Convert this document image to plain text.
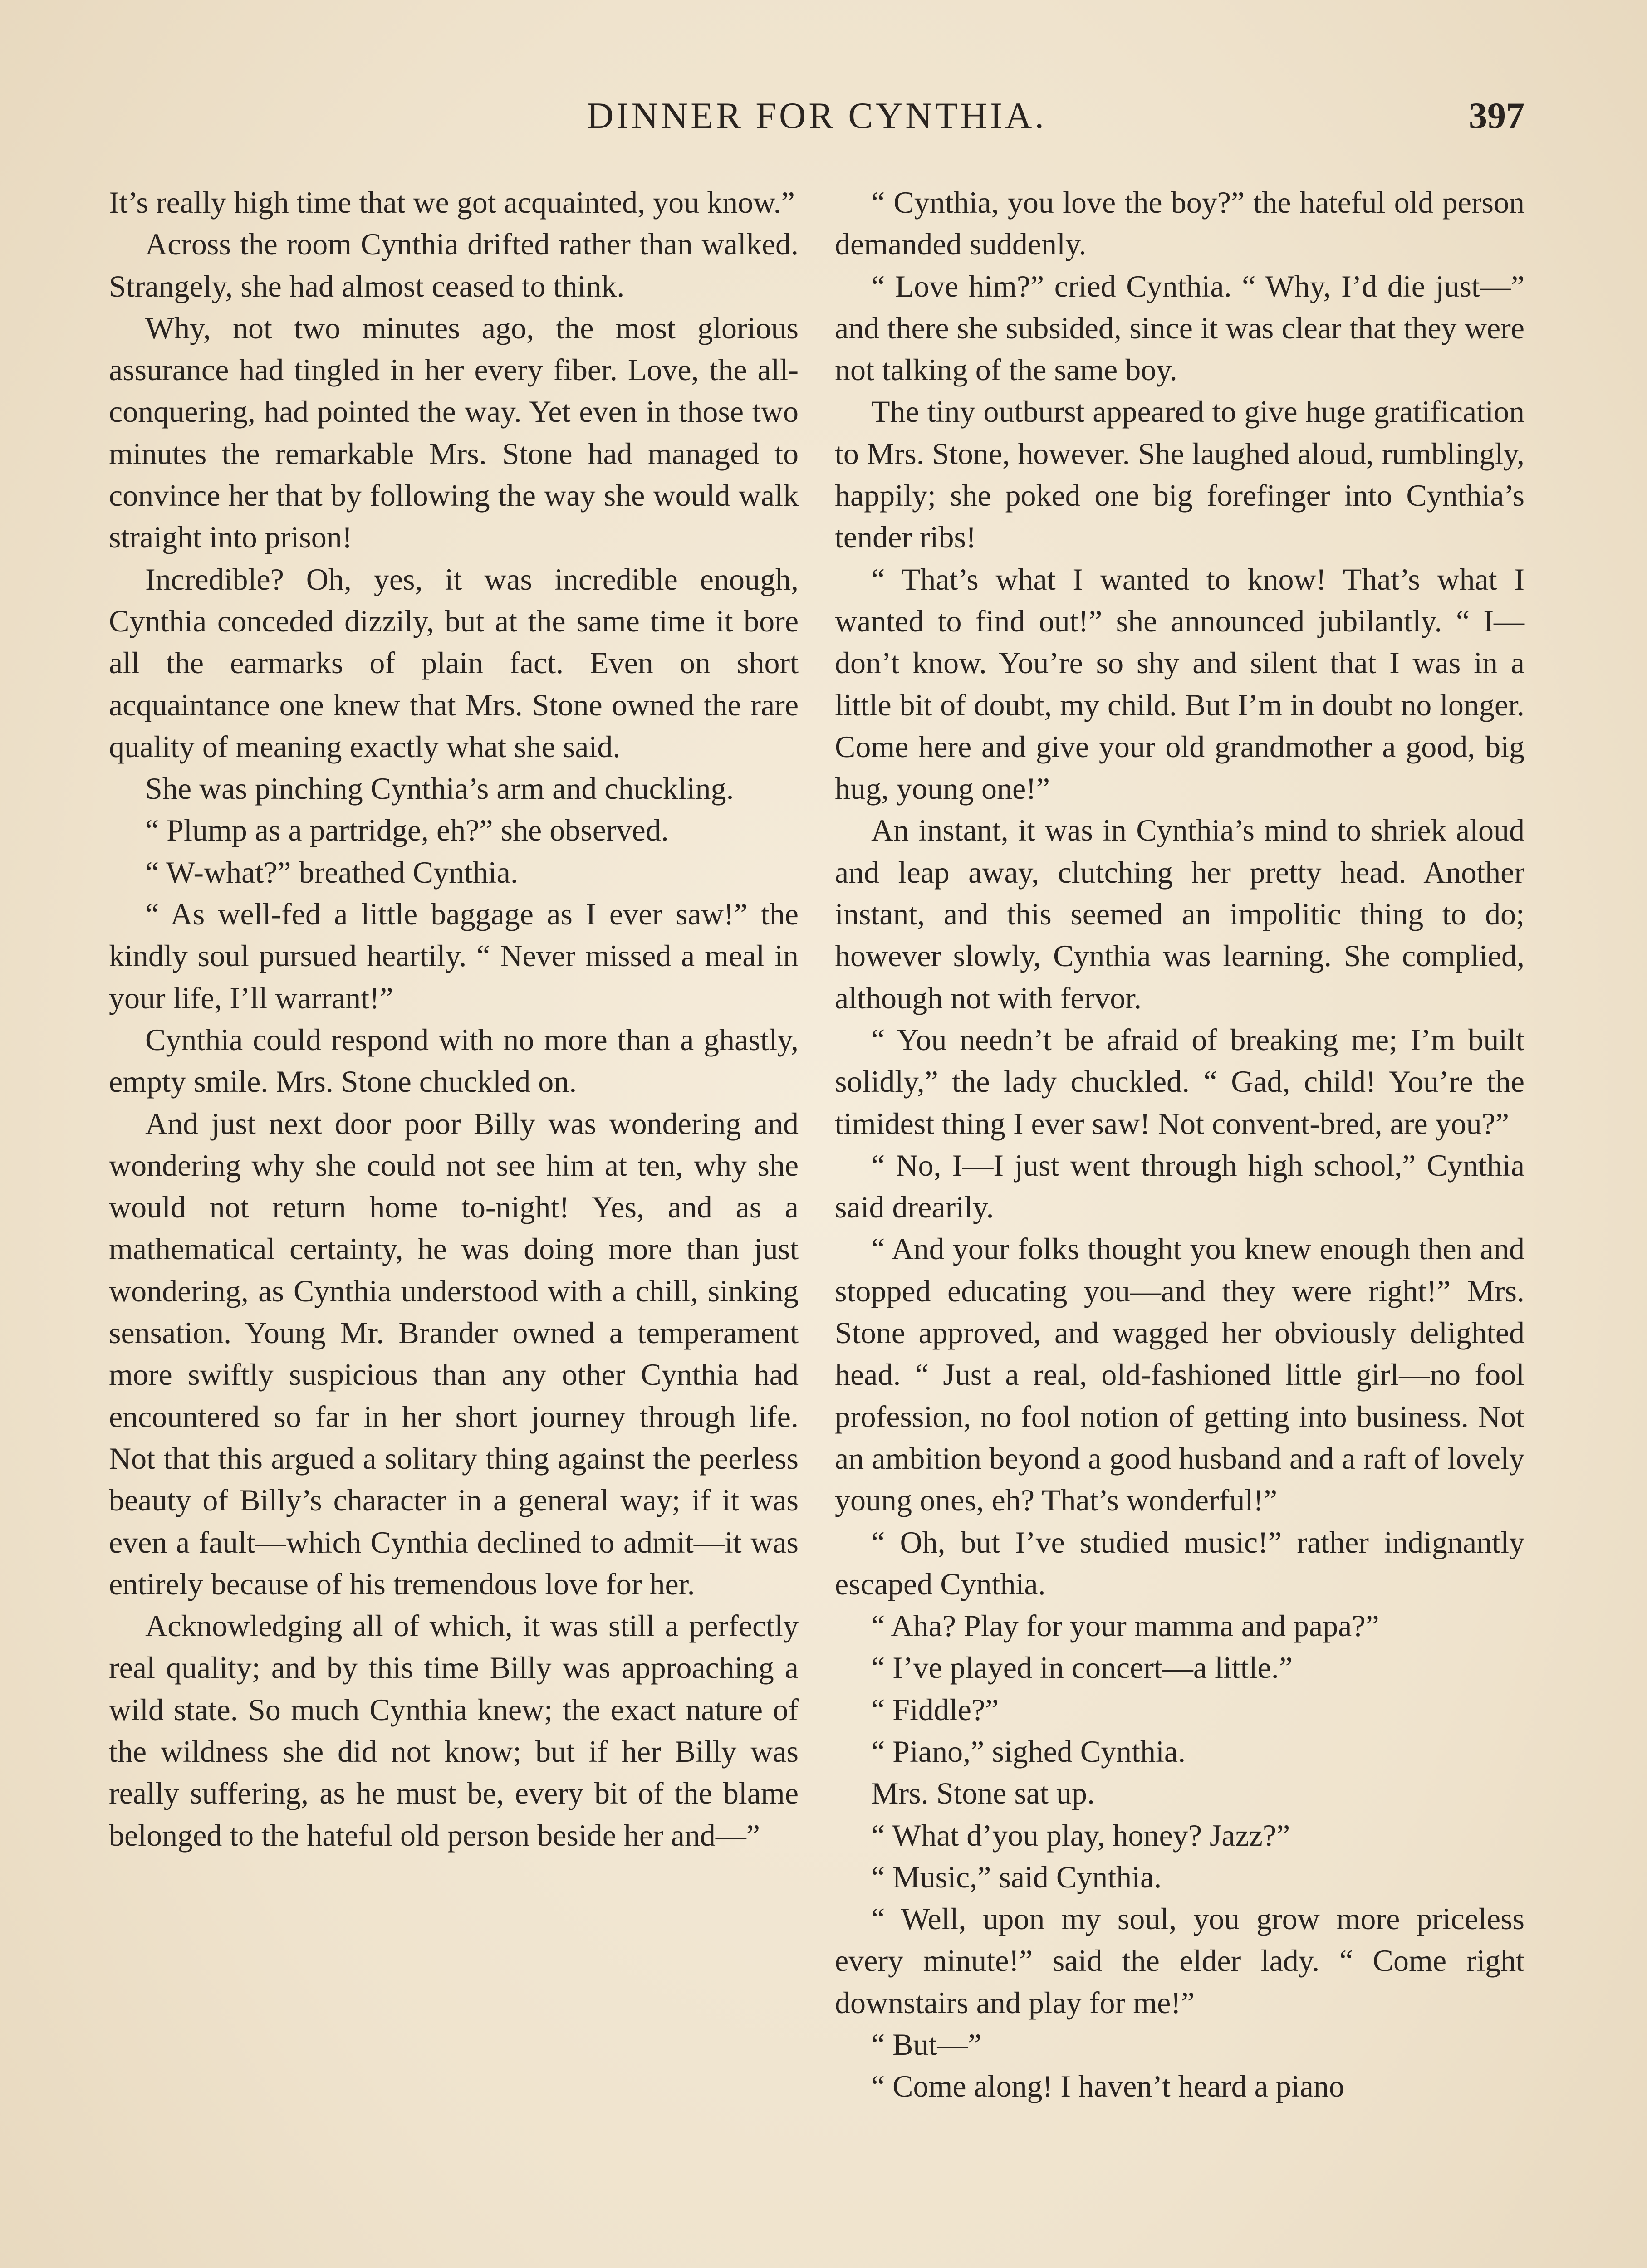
DINNER FOR CYNTHIA.	397

It’s really high time that we got acquainted, you know.”

Across the room Cynthia drifted rather than walked. Strangely, she had almost ceased to think.

Why, not two minutes ago, the most glorious assurance had tingled in her every fiber. Love, the all-conquering, had pointed the way. Yet even in those two minutes the remarkable Mrs. Stone had managed to convince her that by following the way she would walk straight into prison!

Incredible? Oh, yes, it was incredible enough, Cynthia conceded dizzily, but at the same time it bore all the earmarks of plain fact. Even on short acquaintance one knew that Mrs. Stone owned the rare quality of meaning exactly what she said.

She was pinching Cynthia’s arm and chuckling.

“ Plump as a partridge, eh?” she observed.

“ W-what?” breathed Cynthia.

“ As well-fed a little baggage as I ever saw!” the kindly soul pursued heartily. “ Never missed a meal in your life, I’ll warrant!”

Cynthia could respond with no more than a ghastly, empty smile. Mrs. Stone chuckled on.

And just next door poor Billy was wondering and wondering why she could not see him at ten, why she would not return home to-night! Yes, and as a mathematical certainty, he was doing more than just wondering, as Cynthia understood with a chill, sinking sensation. Young Mr. Brander owned a temperament more swiftly suspicious than any other Cynthia had encountered so far in her short journey through life. Not that this argued a solitary thing against the peerless beauty of Billy’s character in a general way; if it was even a fault—which Cynthia declined to admit—it was entirely because of his tremendous love for her.

Acknowledging all of which, it was still a perfectly real quality; and by this time Billy was approaching a wild state. So much Cynthia knew; the exact nature of the wildness she did not know; but if her Billy was really suffering, as he must be, every bit of the blame belonged to the hateful old person beside her and—”

“ Cynthia, you love the boy?” the hateful old person demanded suddenly.

“ Love him?” cried Cynthia. “ Why, I’d die just—” and there she subsided, since it was clear that they were not talking of the same boy.

The tiny outburst appeared to give huge gratification to Mrs. Stone, however. She laughed aloud, rumblingly, happily; she poked one big forefinger into Cynthia’s tender ribs!

“ That’s what I wanted to know! That’s what I wanted to find out!” she announced jubilantly. “ I—don’t know. You’re so shy and silent that I was in a little bit of doubt, my child. But I’m in doubt no longer. Come here and give your old grandmother a good, big hug, young one!”

An instant, it was in Cynthia’s mind to shriek aloud and leap away, clutching her pretty head. Another instant, and this seemed an impolitic thing to do; however slowly, Cynthia was learning. She complied, although not with fervor.

“ You needn’t be afraid of breaking me; I’m built solidly,” the lady chuckled. “ Gad, child! You’re the timidest thing I ever saw! Not convent-bred, are you?”

“ No, I—I just went through high school,” Cynthia said drearily.

“ And your folks thought you knew enough then and stopped educating you—and they were right!” Mrs. Stone approved, and wagged her obviously delighted head. “ Just a real, old-fashioned little girl—no fool profession, no fool notion of getting into business. Not an ambition beyond a good husband and a raft of lovely young ones, eh? That’s wonderful!”

“ Oh, but I’ve studied music!” rather indignantly escaped Cynthia.

“ Aha? Play for your mamma and papa?”

“ I’ve played in concert—a little.”

“ Fiddle?”

“ Piano,” sighed Cynthia.

Mrs. Stone sat up.

“ What d’you play, honey? Jazz?”

“ Music,” said Cynthia.

“ Well, upon my soul, you grow more priceless every minute!” said the elder lady. “ Come right downstairs and play for me!”

“ But—”

“ Come along! I haven’t heard a piano
